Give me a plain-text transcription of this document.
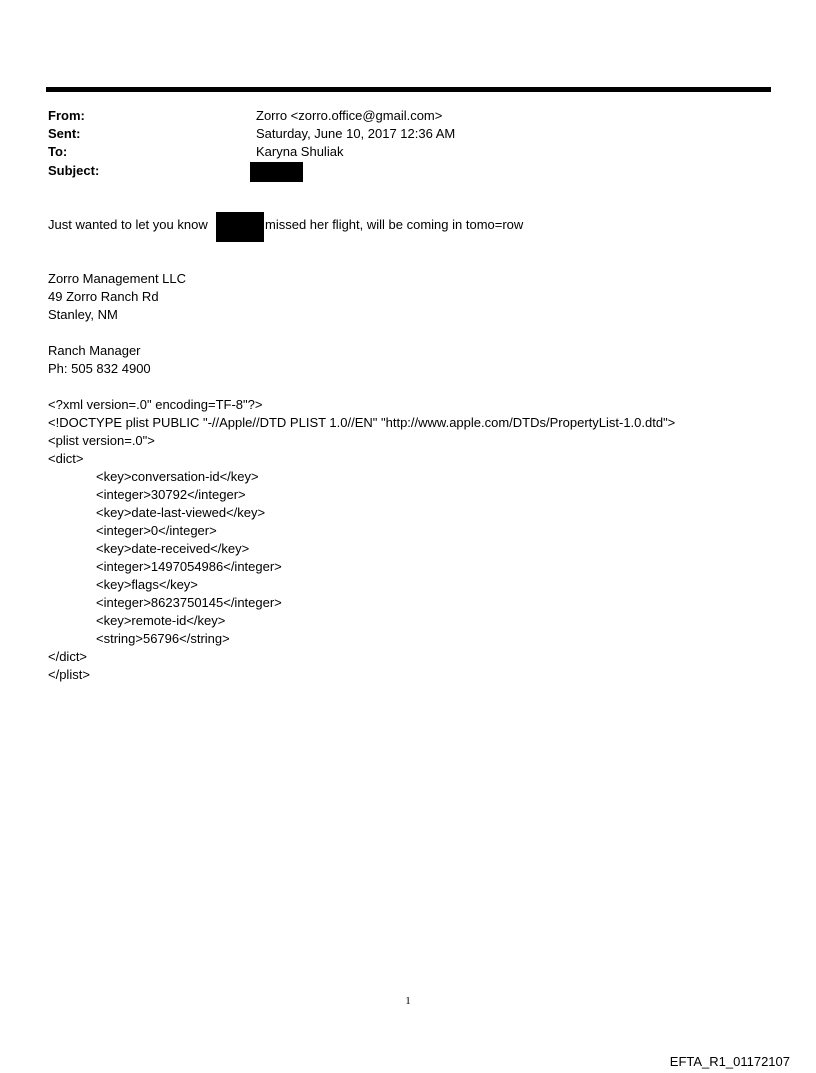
From:	Zorro <zorro.office@gmail.com>
Sent:	Saturday, June 10, 2017 12:36 AM
To:	Karyna Shuliak
Subject:
Just wanted to let you know	missed her flight, will be coming in tomo=row
Zorro Management LLC
49 Zorro Ranch Rd
Stanley, NM
Ranch Manager
Ph: 505 832 4900
<?xml version=.0" encoding=TF-8"?>
<!DOCTYPE plist PUBLIC "-//Apple//DTD PLIST 1.0//EN" "http://www.apple.com/DTDs/PropertyList-1.0.dtd">
<plist version=.0">
<dict>
<key>conversation-id</key>
<integer>30792</integer>
<key>date-last-viewed</key>
<integer>0</integer>
<key>date-received</key>
<integer>1497054986</integer>
<key>flags</key>
<integer>8623750145</integer>
<key>remote-id</key>
<string>56796</string>
</dict>
</plist>
1
EFTA_R1_01172107
